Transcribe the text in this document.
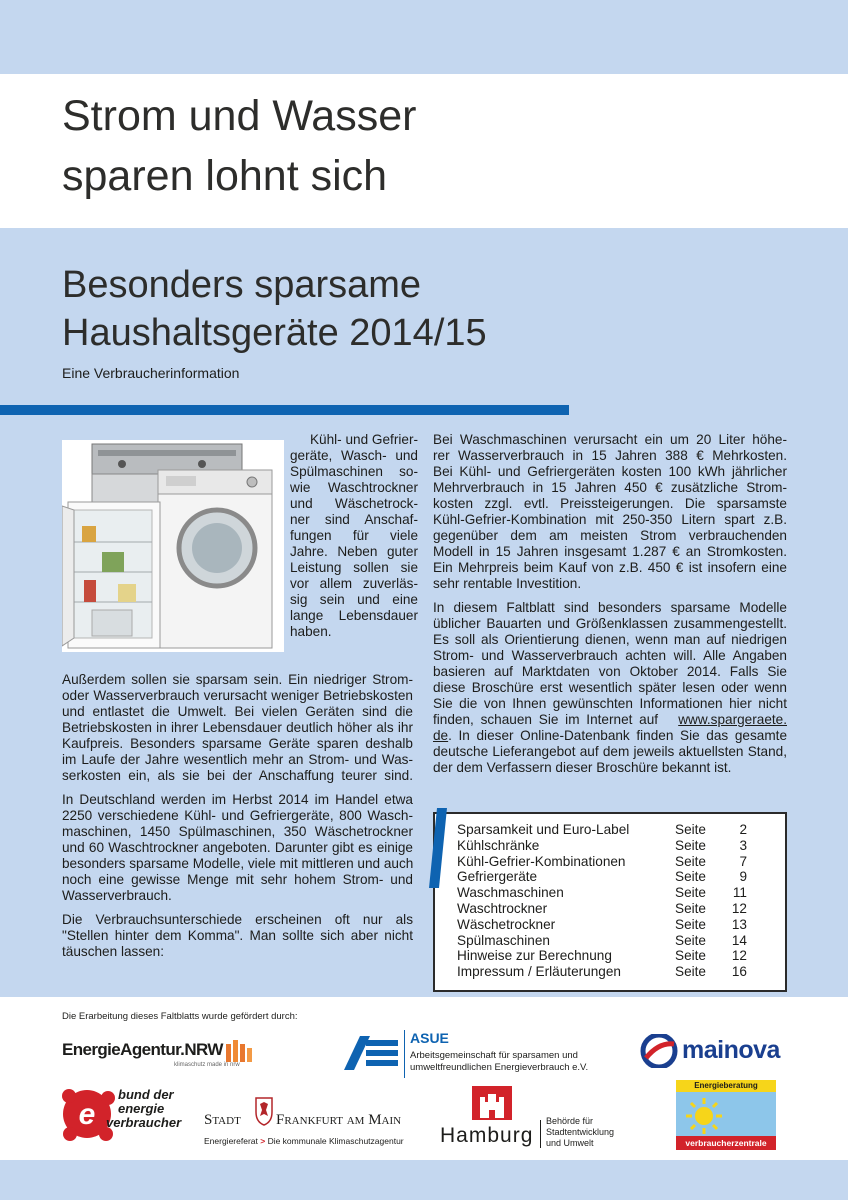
Strom und Wasser
sparen lohnt sich
Besonders sparsame
Haushaltsgeräte 2014/15
Eine Verbraucherinformation
Kühl- und Gefrier-
geräte, Wasch- und
Spülmaschinen so-
wie Waschtrockner
und Wäschetrock-
ner sind Anschaf-
fungen für viele
Jahre. Neben guter
Leistung sollen sie
vor allem zuverläs-
sig sein und eine
lange Lebensdauer
haben.
Außerdem sollen sie sparsam sein. Ein niedriger Strom-
oder Wasserverbrauch verursacht weniger Betriebskosten
und entlastet die Umwelt. Bei vielen Geräten sind die
Betriebskosten in ihrer Lebensdauer deutlich höher als ihr
Kaufpreis. Besonders sparsame Geräte sparen deshalb
im Laufe der Jahre wesentlich mehr an Strom- und Was-
serkosten ein, als sie bei der Anschaffung teurer sind.
In Deutschland werden im Herbst 2014 im Handel etwa
2250 verschiedene Kühl- und Gefriergeräte, 800 Wasch-
maschinen, 1450 Spülmaschinen, 350 Wäschetrockner
und 60 Waschtrockner angeboten. Darunter gibt es einige
besonders sparsame Modelle, viele mit mittleren und auch
noch eine gewisse Menge mit sehr hohem Strom- und
Wasserverbrauch.
Die Verbrauchsunterschiede erscheinen oft nur als
"Stellen hinter dem Komma". Man sollte sich aber nicht
täuschen lassen:
Bei Waschmaschinen verursacht ein um 20 Liter höhe-
rer Wasserverbrauch in 15 Jahren 388 € Mehrkosten.
Bei Kühl- und Gefriergeräten kosten 100 kWh jährlicher
Mehrverbrauch in 15 Jahren 450 € zusätzliche Strom-
kosten zzgl. evtl. Preissteigerungen. Die sparsamste
Kühl-Gefrier-Kombination mit 250-350 Litern spart z.B.
gegenüber dem am meisten Strom verbrauchenden
Modell in 15 Jahren insgesamt 1.287 € an Stromkosten.
Ein Mehrpreis beim Kauf von z.B. 450 € ist insofern eine
sehr rentable Investition.
In diesem Faltblatt sind besonders sparsame Modelle
üblicher Bauarten und Größenklassen zusammengestellt.
Es soll als Orientierung dienen, wenn man auf niedrigen
Strom- und Wasserverbrauch achten will. Alle Angaben
basieren auf Marktdaten von Oktober 2014. Falls Sie
diese Broschüre erst wesentlich später lesen oder wenn
Sie die von Ihnen gewünschten Informationen hier nicht
finden, schauen Sie im Internet auf www.spargeraete.
de. In dieser Online-Datenbank finden Sie das gesamte
deutsche Lieferangebot auf dem jeweils aktuellsten Stand,
der dem Verfassern dieser Broschüre bekannt ist.
Sparsamkeit und Euro-Label	Seite	2
Kühlschränke	Seite	3
Kühl-Gefrier-Kombinationen	Seite	7
Gefriergeräte	Seite	9
Waschmaschinen	Seite	11
Waschtrockner	Seite	12
Wäschetrockner	Seite	13
Spülmaschinen	Seite	14
Hinweise zur Berechnung	Seite	12
Impressum / Erläuterungen	Seite	16
Die Erarbeitung dieses Faltblatts wurde gefördert durch:
EnergieAgentur.NRW
klimaschutz made in nrw
ASUE
Arbeitsgemeinschaft für sparsamen und
umweltfreundlichen Energieverbrauch e.V.
mainova
e
bund der
energie
verbraucher Stadt Frankfurt am Main
Energiereferat > Die kommunale Klimaschutzagentur Hamburg
Behörde für
Stadtentwicklung
und Umwelt
Energieberatung
verbraucherzentrale
